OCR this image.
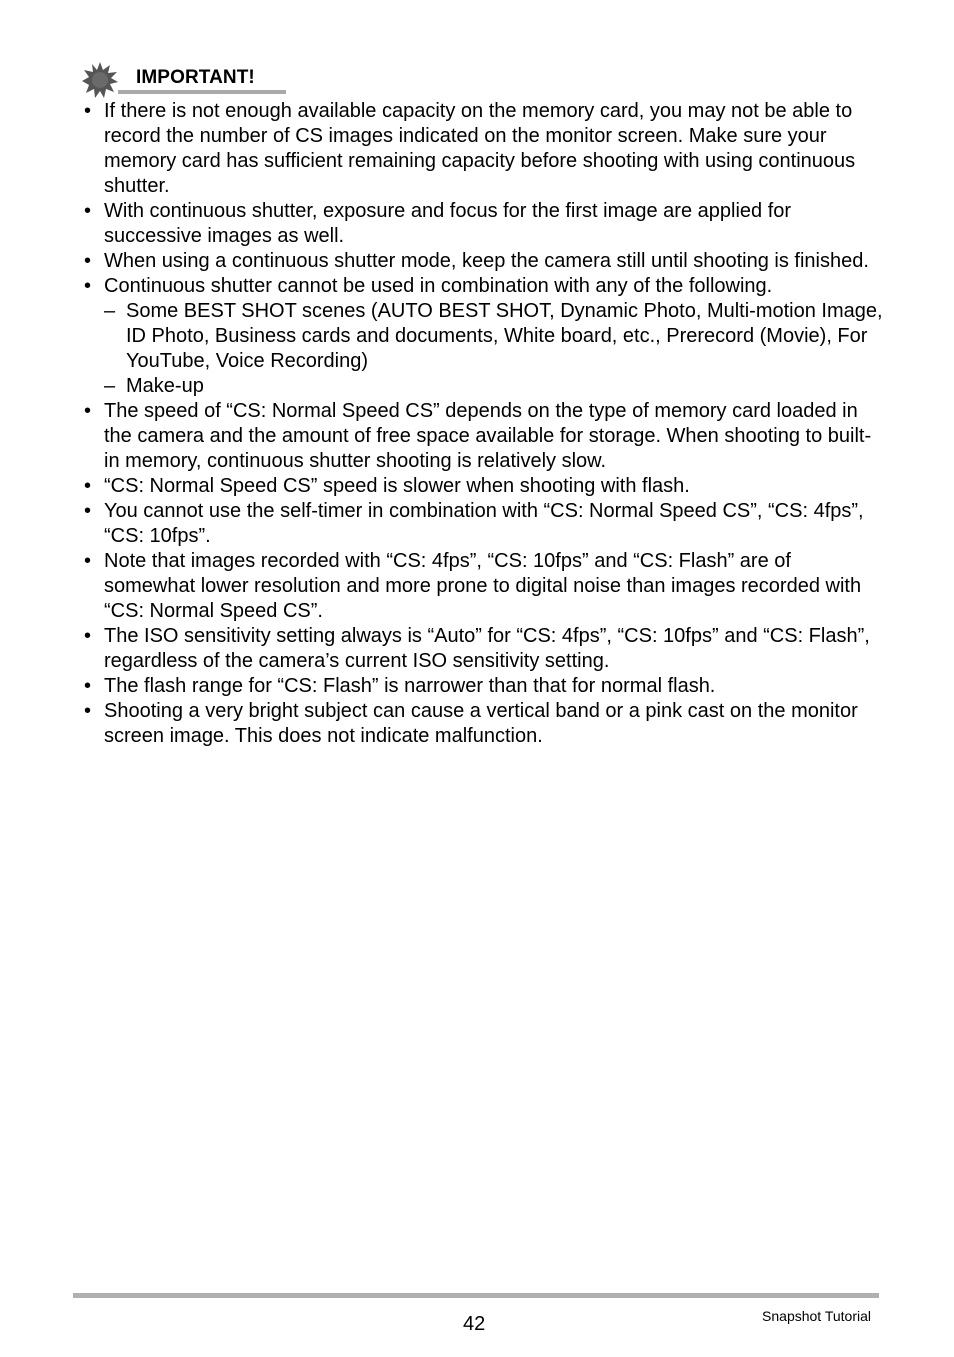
IMPORTANT!
• If there is not enough available capacity on the memory card, you may not be able to record the number of CS images indicated on the monitor screen. Make sure your memory card has sufficient remaining capacity before shooting with using continuous shutter.
• With continuous shutter, exposure and focus for the first image are applied for successive images as well.
• When using a continuous shutter mode, keep the camera still until shooting is finished.
• Continuous shutter cannot be used in combination with any of the following.
– Some BEST SHOT scenes (AUTO BEST SHOT, Dynamic Photo, Multi-motion Image, ID Photo, Business cards and documents, White board, etc., Prerecord (Movie), For YouTube, Voice Recording)
– Make-up
• The speed of “CS: Normal Speed CS” depends on the type of memory card loaded in the camera and the amount of free space available for storage. When shooting to built-in memory, continuous shutter shooting is relatively slow.
• “CS: Normal Speed CS” speed is slower when shooting with flash.
• You cannot use the self-timer in combination with “CS: Normal Speed CS”, “CS: 4fps”, “CS: 10fps”.
• Note that images recorded with “CS: 4fps”, “CS: 10fps” and “CS: Flash” are of somewhat lower resolution and more prone to digital noise than images recorded with “CS: Normal Speed CS”.
• The ISO sensitivity setting always is “Auto” for “CS: 4fps”, “CS: 10fps” and “CS: Flash”, regardless of the camera’s current ISO sensitivity setting.
• The flash range for “CS: Flash” is narrower than that for normal flash.
• Shooting a very bright subject can cause a vertical band or a pink cast on the monitor screen image. This does not indicate malfunction.
42	Snapshot Tutorial
